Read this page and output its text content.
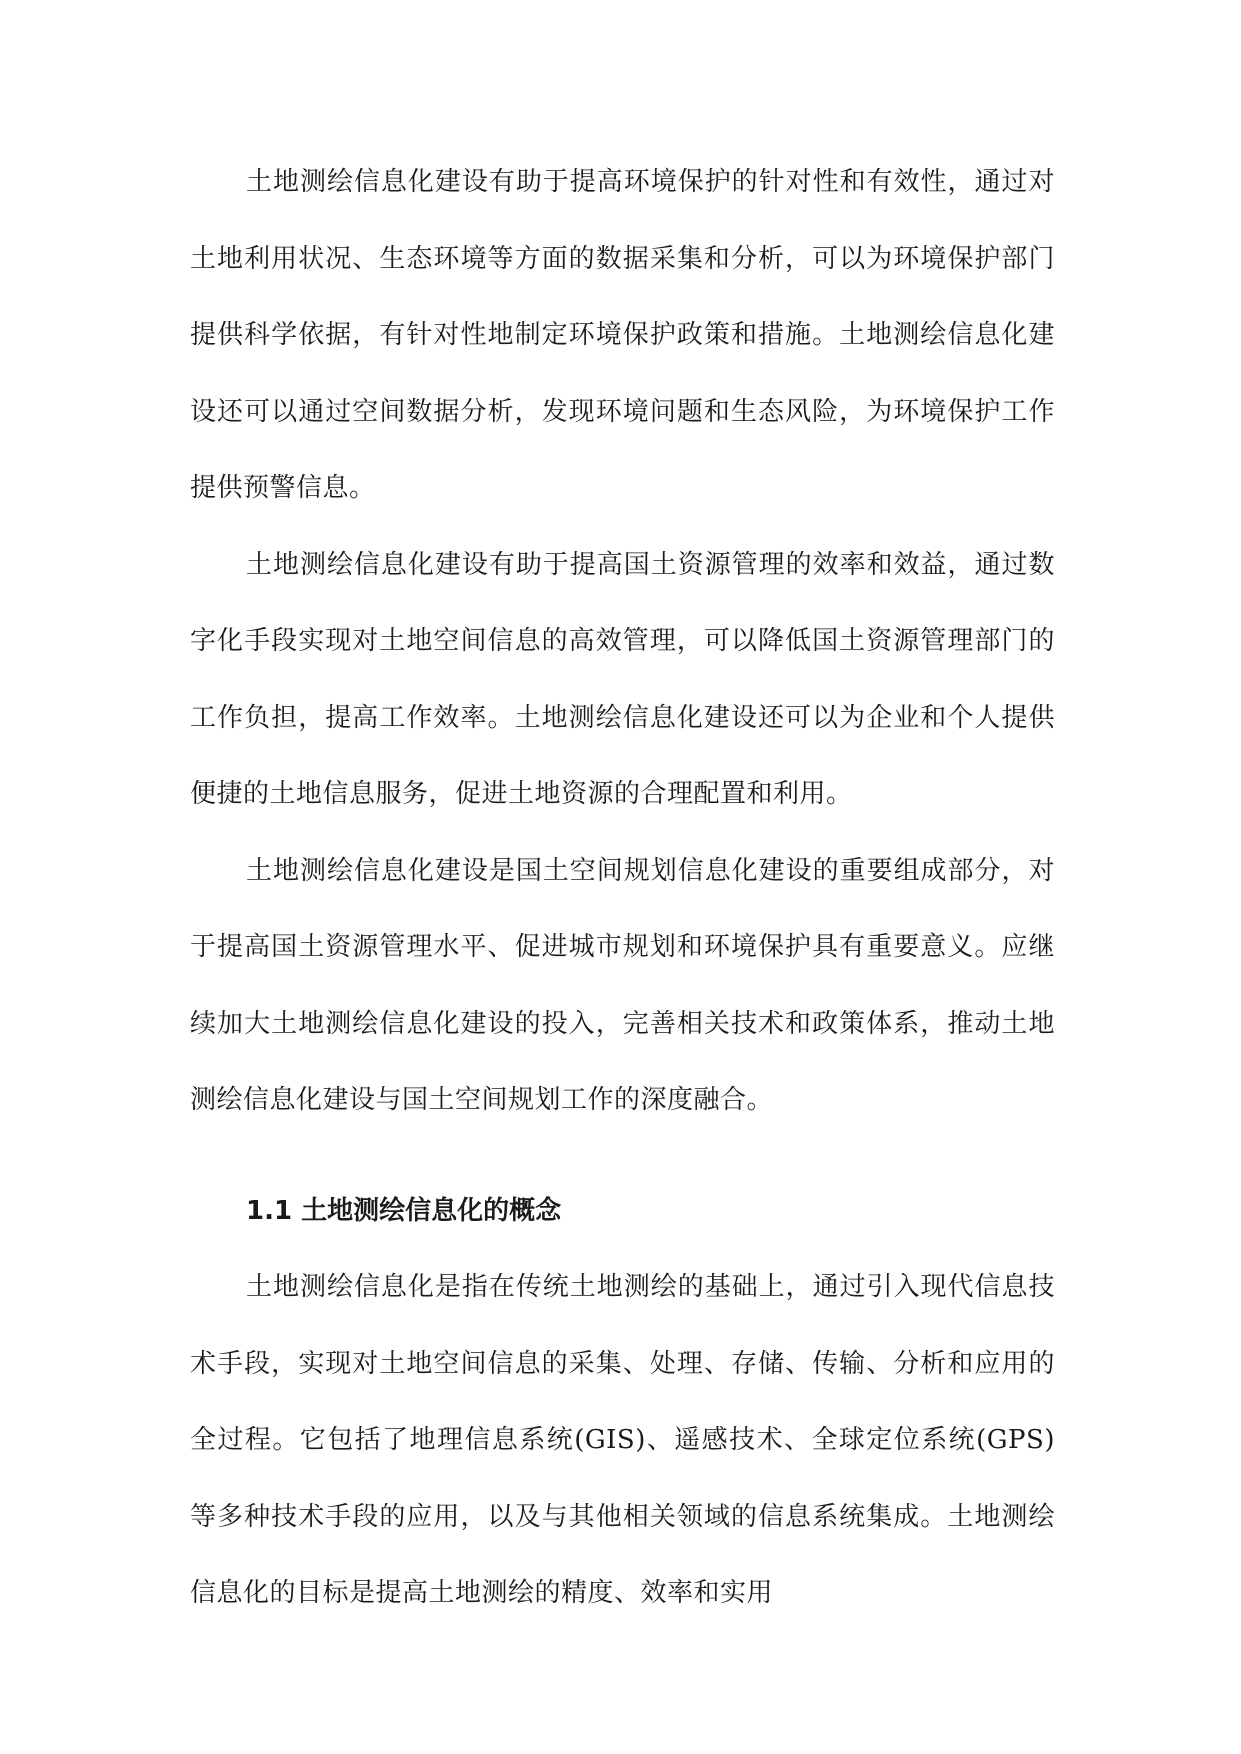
土地测绘信息化建设有助于提高环境保护的针对性和有效性，通过对土地利用状况、生态环境等方面的数据采集和分析，可以为环境保护部门提供科学依据，有针对性地制定环境保护政策和措施。土地测绘信息化建设还可以通过空间数据分析，发现环境问题和生态风险，为环境保护工作提供预警信息。

土地测绘信息化建设有助于提高国土资源管理的效率和效益，通过数字化手段实现对土地空间信息的高效管理，可以降低国土资源管理部门的工作负担，提高工作效率。土地测绘信息化建设还可以为企业和个人提供便捷的土地信息服务，促进土地资源的合理配置和利用。

土地测绘信息化建设是国土空间规划信息化建设的重要组成部分，对于提高国土资源管理水平、促进城市规划和环境保护具有重要意义。应继续加大土地测绘信息化建设的投入，完善相关技术和政策体系，推动土地测绘信息化建设与国土空间规划工作的深度融合。

1.1 土地测绘信息化的概念

土地测绘信息化是指在传统土地测绘的基础上，通过引入现代信息技术手段，实现对土地空间信息的采集、处理、存储、传输、分析和应用的全过程。它包括了地理信息系统(GIS)、遥感技术、全球定位系统(GPS)等多种技术手段的应用，以及与其他相关领域的信息系统集成。土地测绘信息化的目标是提高土地测绘的精度、效率和实用
